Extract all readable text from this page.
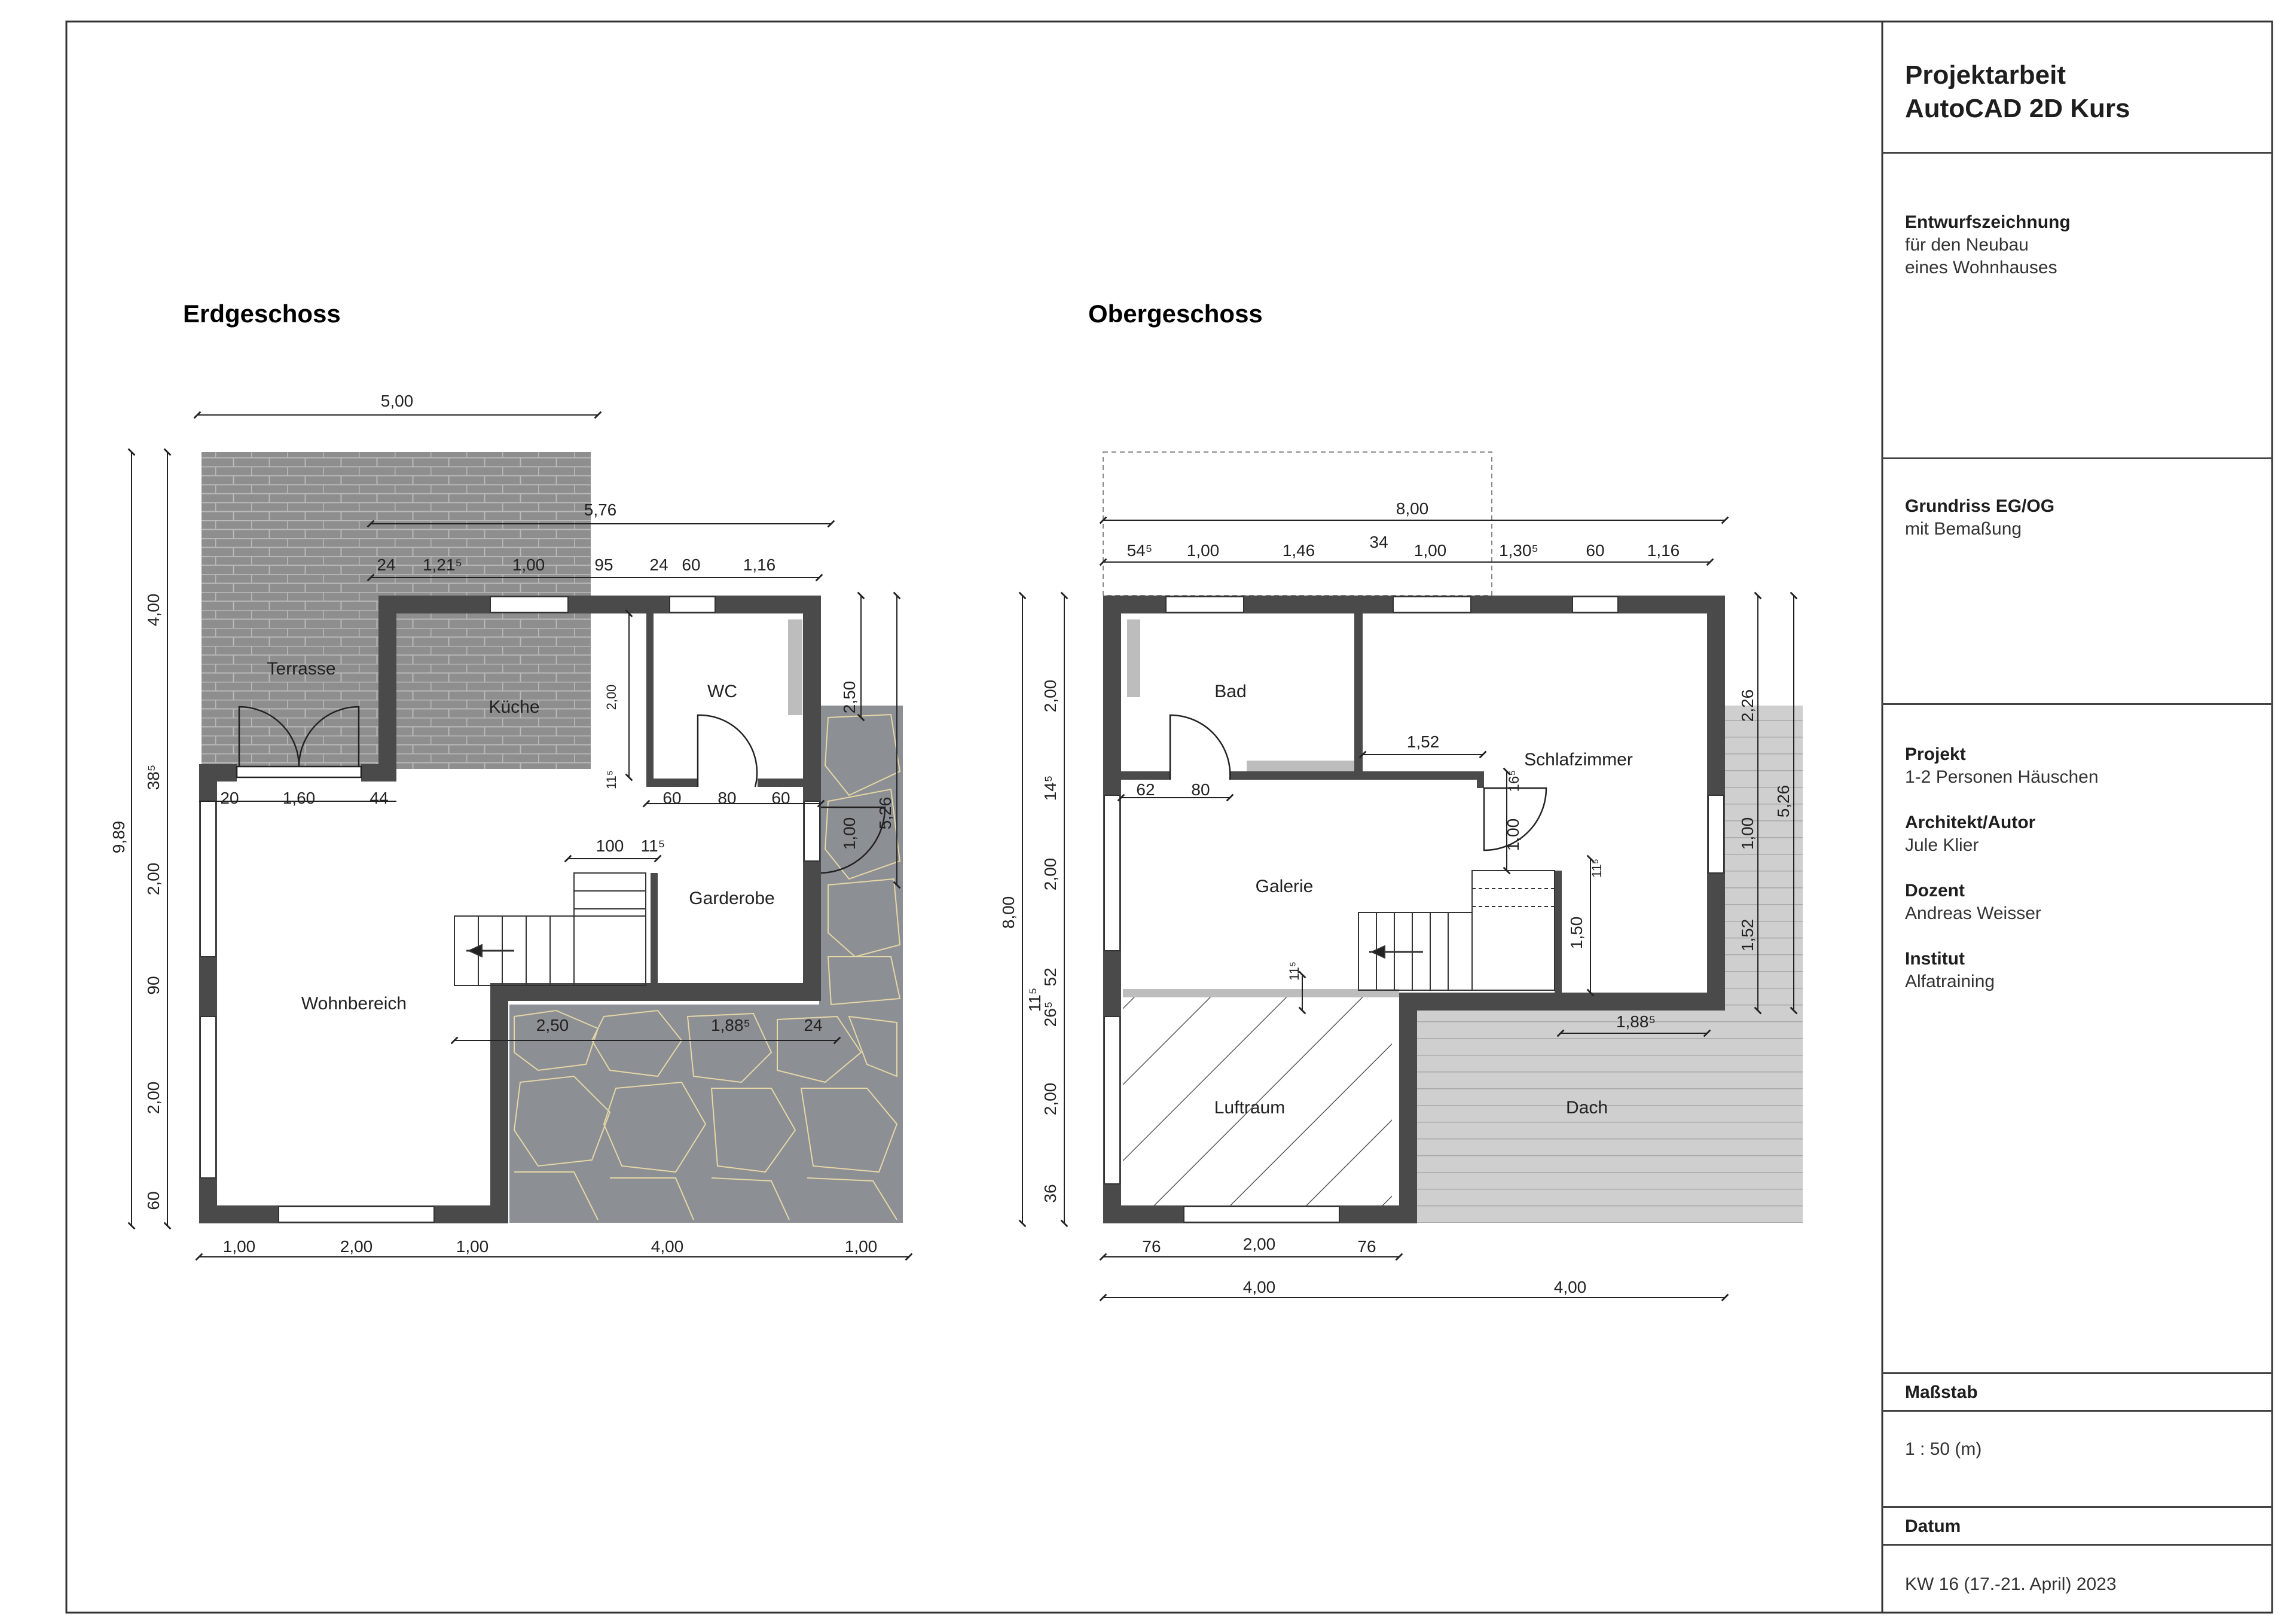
Erdgeschoss
Terrasse
Küche
WC
Garderobe
Wohnbereich
5,00
5,76
24 1,21⁵	1,00	95 24 60	1,16
9,89
4,00
38⁵
2,00
90
2,00
60
20	1,60	44
2,00
11⁵
60 80 60
100 11⁵
2,50
5,26
1,00
2,50	1,88⁵	24
1,00	2,00	1,00	4,00	1,00
Obergeschoss
Bad
Schlafzimmer
Galerie
Luftraum	Dach
8,00
54⁵ 1,00	1,46	34 1,00	1,30⁵	60	1,16
8,00
2,00
14⁵
2,00
52
11⁵
26⁵
2,00
36
62 80
1,52
16⁵
1,00
11⁵
1,50
11⁵
2,26
5,26
1,00
1,52
1,88⁵
76	2,00	76
4,00	4,00
Projektarbeit
AutoCAD 2D Kurs
Entwurfszeichnung
für den Neubau
eines Wohnhauses
Grundriss EG/OG
mit Bemaßung
Projekt
1-2 Personen Häuschen
Architekt/Autor
Jule Klier
Dozent
Andreas Weisser
Institut
Alfatraining
Maßstab
1 : 50 (m)
Datum
KW 16 (17.-21. April) 2023
